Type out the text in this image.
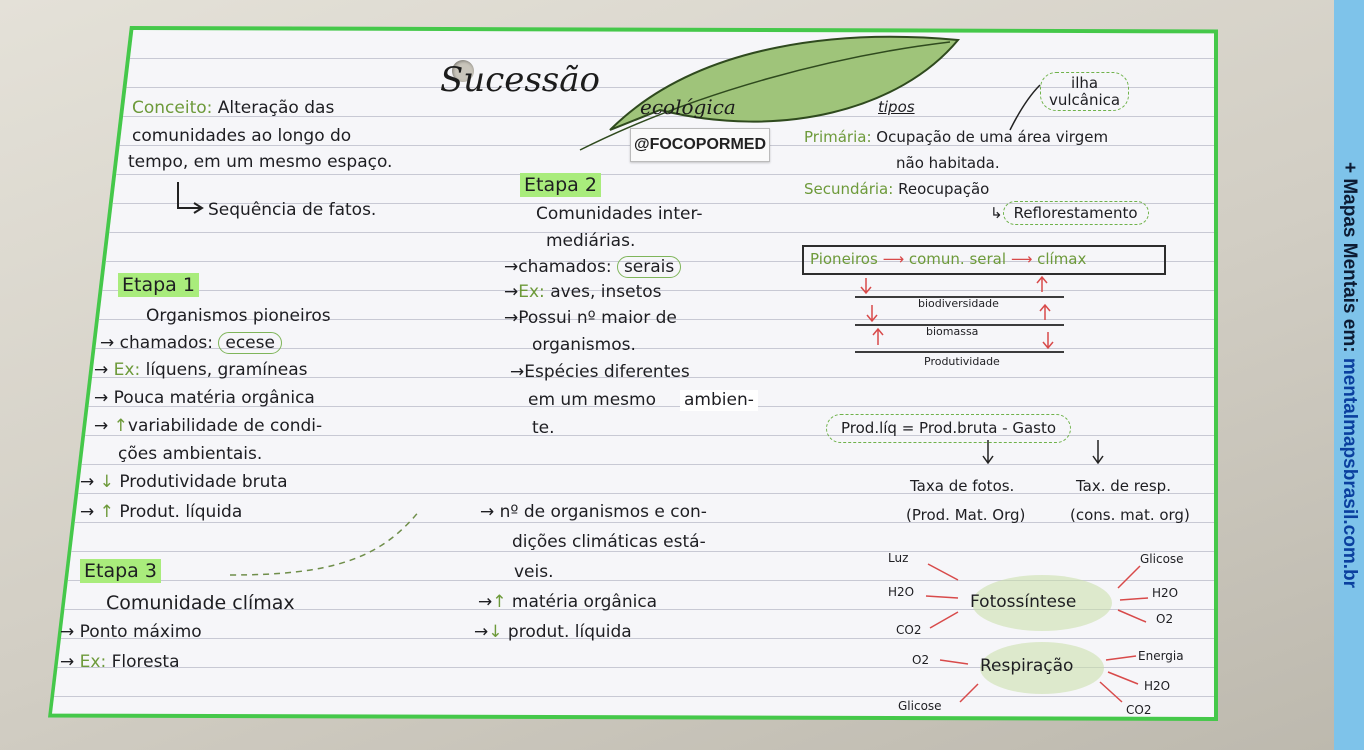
+ Mapas Mentais em: mentalmapsbrasil.com.br
Sucessão
ecológica
@FOCOPORMED
Conceito: Alteração das
comunidades ao longo do
tempo, em um mesmo espaço.
Sequência de fatos.
Etapa 1
Organismos pioneiros
→ chamados: ecese
→ Ex: líquens, gramíneas
→ Pouca matéria orgânica
→ ↑variabilidade de condi-
ções ambientais.
→ ↓ Produtividade bruta
→ ↑ Produt. líquida
Etapa 2
Comunidades inter-
mediárias.
→chamados: serais
→Ex: aves, insetos
→Possui nº maior de
organismos.
→Espécies diferentes
em um mesmo ambien-
te.
Etapa 3
Comunidade clímax
→ Ponto máximo
→ Ex: Floresta
→ nº de organismos e con-
dições climáticas está-
veis.
→↑ matéria orgânica
→↓ produt. líquida
tipos
ilha
vulcânica
Primária: Ocupação de uma área virgem
não habitada.
Secundária: Reocupação
↳ Reflorestamento
Pioneiros ⟶ comun. seral ⟶ clímax
biodiversidade
biomassa
Produtividade
Prod.líq = Prod.bruta - Gasto
Taxa de fotos.
(Prod. Mat. Org)
Tax. de resp.
(cons. mat. org)
Fotossíntese
Luz
H2O
CO2
Glicose
H2O
O2
Respiração
O2
Glicose
Energia
H2O
CO2
